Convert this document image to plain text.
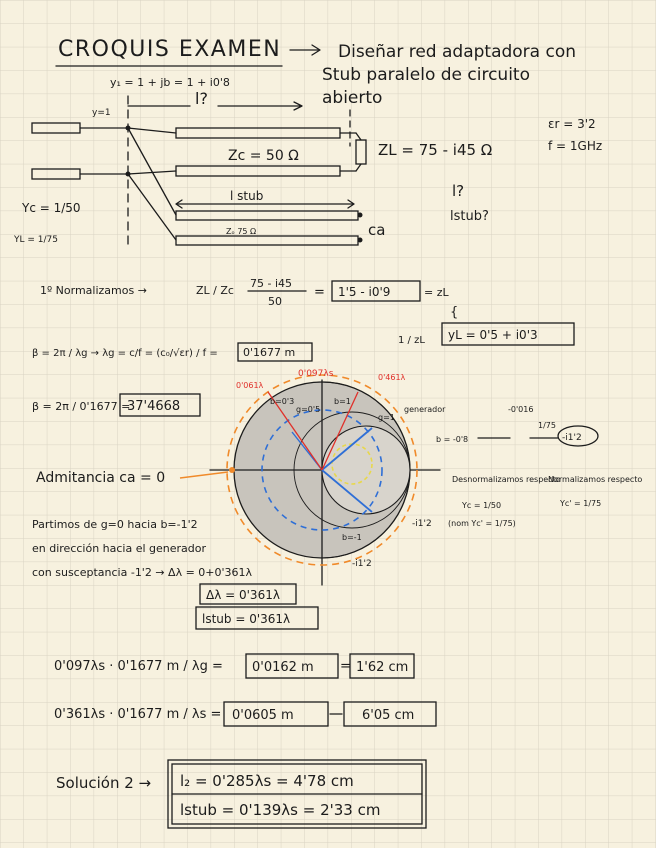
CROQUIS EXAMEN	Diseñar red adaptadora con
Stub paralelo de circuito
abierto
y₁ = 1 + jb = 1 + i0'8
y=1
l?
Zc = 50 Ω	ZL = 75 - i45 Ω
εr = 3'2
f = 1GHz
l stub
Zₒ 75 Ω	ca
Yc = 1/50
YL = 1/75
l?
lstub?
1º Normalizamos →	ZL / Zc
75 - i45
50
= 1'5 - i0'9	= zL
{
1 / zL yL = 0'5 + i0'3
β = 2π / λg → λg = c/f = (c₀/√εr) / f = 0'1677 m
β = 2π / 0'1677 =
37'4668
0'097λs
0'061λ
0'461λ
b=0'3
g=0'5
b=1
g=1
b=-1
generador
-i1'2 (nom Yc' = 1/75)
-i1'2
Admitancia ca = 0
b = -0'8
-0'016
1/75
-i1'2
Desnormalizamos respecto
Yc = 1/50
Normalizamos respecto
Yc' = 1/75
Partimos de g=0 hacia b=-1'2
en dirección hacia el generador
con susceptancia -1'2 → Δλ = 0+0'361λ
Δλ = 0'361λ
lstub = 0'361λ
0'097λs · 0'1677 m / λg = 0'0162 m = 1'62 cm
0'361λs · 0'1677 m / λs = 0'0605 m	6'05 cm
Solución 2 → l₂ = 0'285λs = 4'78 cm
lstub = 0'139λs = 2'33 cm
